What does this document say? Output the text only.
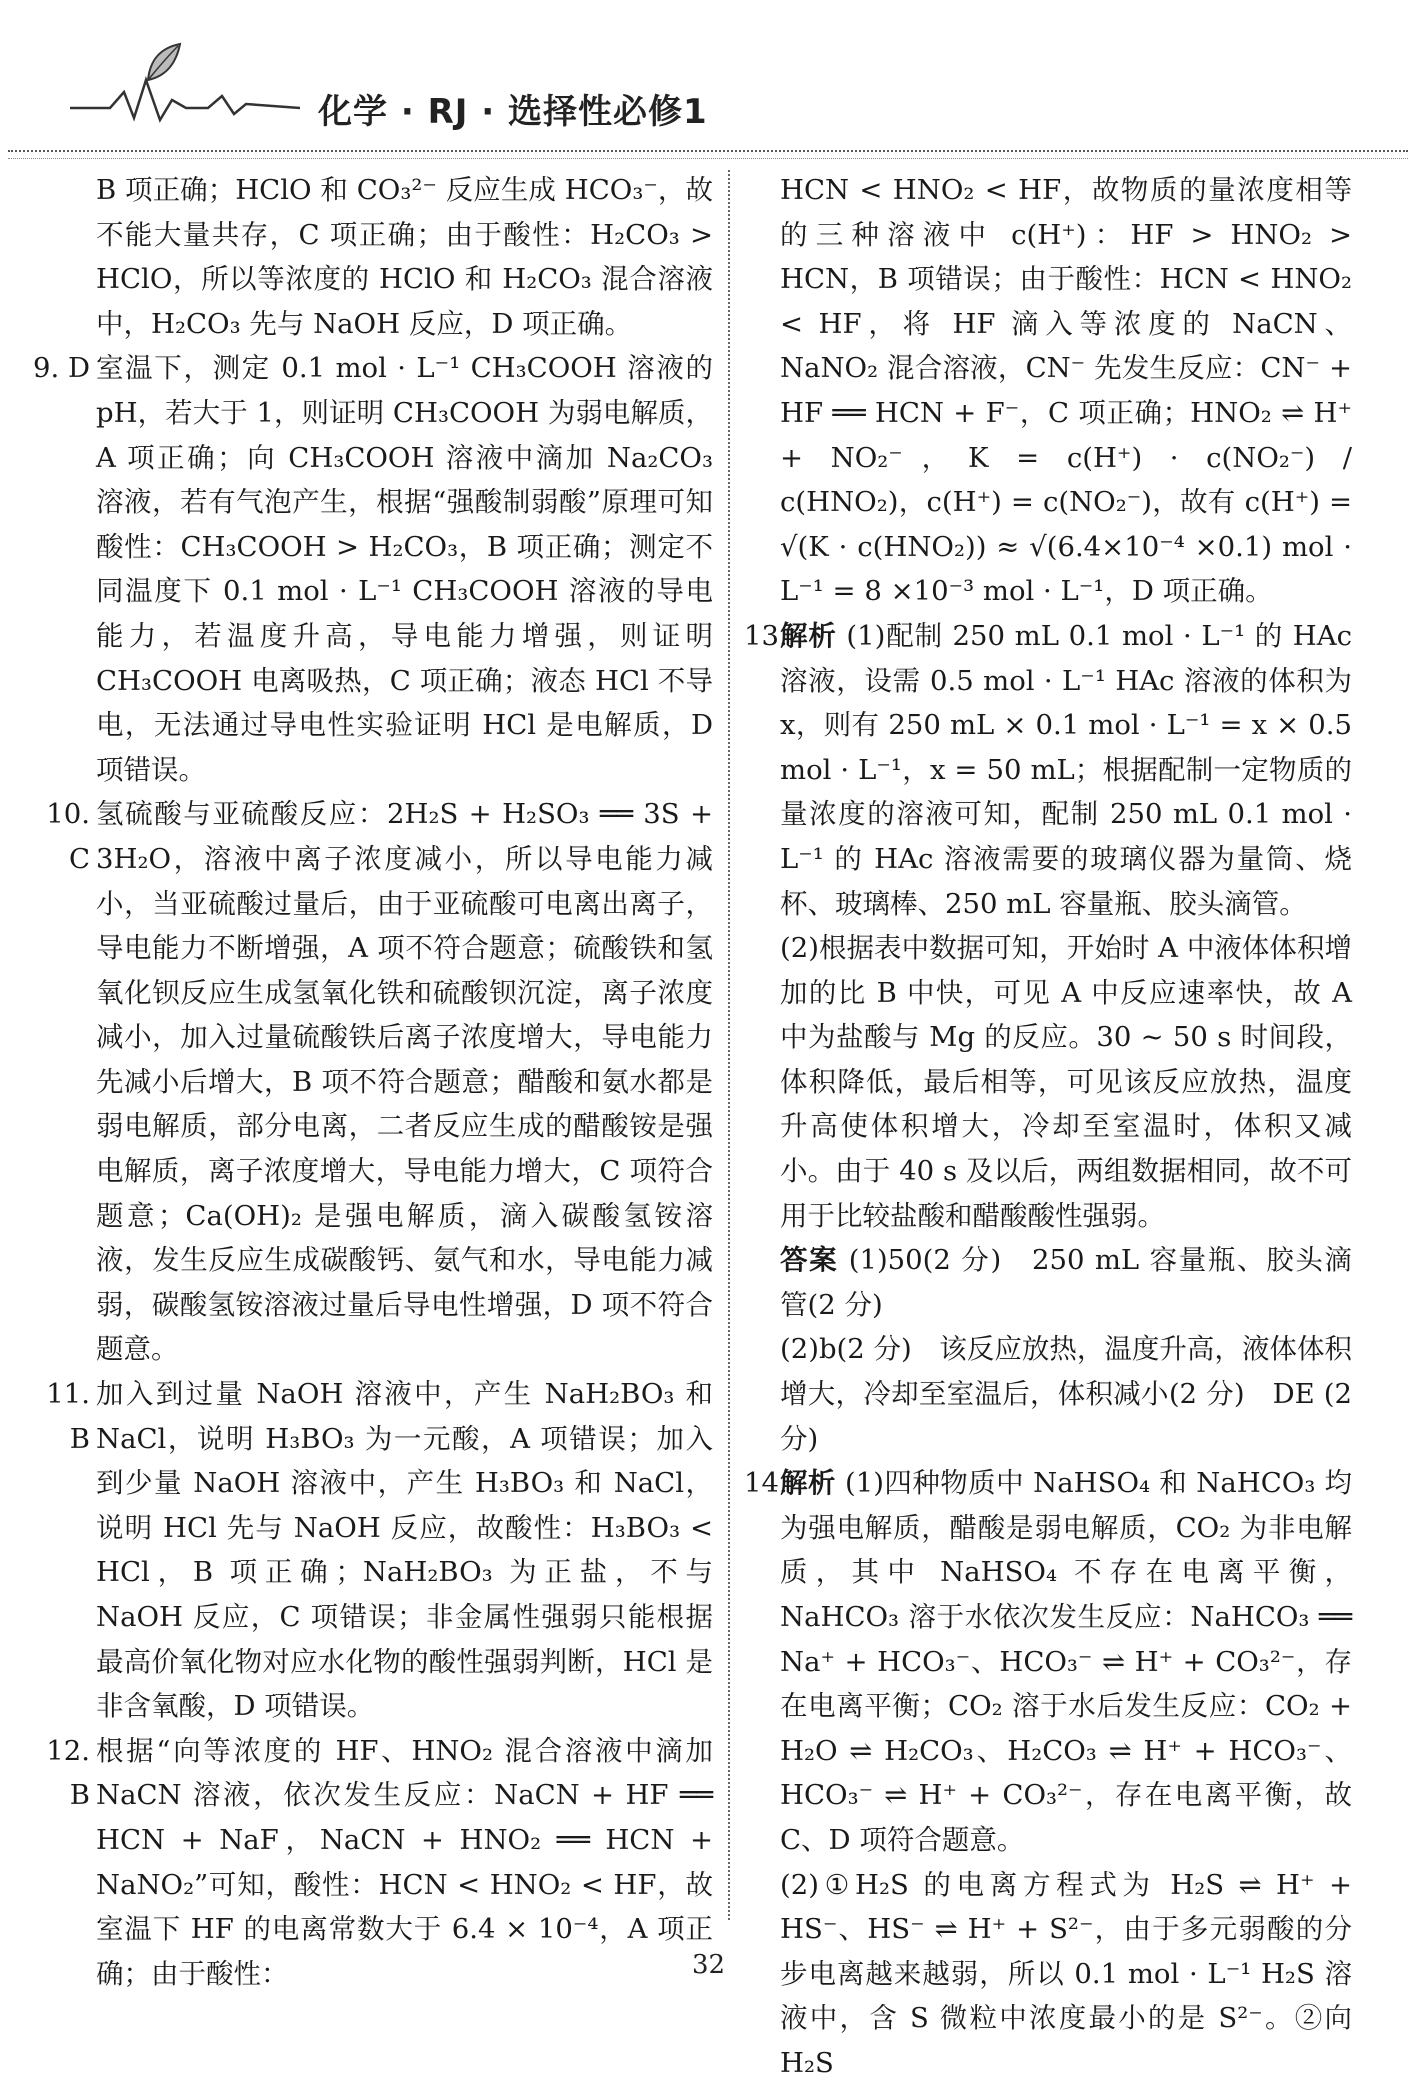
化学 · RJ · 选择性必修1

B 项正确；HClO 和 CO₃²⁻ 反应生成 HCO₃⁻，故不能大量共存，C 项正确；由于酸性：H₂CO₃ > HClO，所以等浓度的 HClO 和 H₂CO₃ 混合溶液中，H₂CO₃ 先与 NaOH 反应，D 项正确。

9. D 室温下，测定 0.1 mol · L⁻¹ CH₃COOH 溶液的 pH，若大于 1，则证明 CH₃COOH 为弱电解质，A 项正确；向 CH₃COOH 溶液中滴加 Na₂CO₃ 溶液，若有气泡产生，根据“强酸制弱酸”原理可知酸性：CH₃COOH > H₂CO₃，B 项正确；测定不同温度下 0.1 mol · L⁻¹ CH₃COOH 溶液的导电能力，若温度升高，导电能力增强，则证明 CH₃COOH 电离吸热，C 项正确；液态 HCl 不导电，无法通过导电性实验证明 HCl 是电解质，D 项错误。

10. C
氢硫酸与亚硫酸反应：2H₂S + H₂SO₃ ══ 3S + 3H₂O，溶液中离子浓度减小，所以导电能力减小，当亚硫酸过量后，由于亚硫酸可电离出离子，导电能力不断增强，A 项不符合题意；硫酸铁和氢氧化钡反应生成氢氧化铁和硫酸钡沉淀，离子浓度减小，加入过量硫酸铁后离子浓度增大，导电能力先减小后增大，B 项不符合题意；醋酸和氨水都是弱电解质，部分电离，二者反应生成的醋酸铵是强电解质，离子浓度增大，导电能力增大，C 项符合题意；Ca(OH)₂ 是强电解质，滴入碳酸氢铵溶液，发生反应生成碳酸钙、氨气和水，导电能力减弱，碳酸氢铵溶液过量后导电性增强，D 项不符合题意。

11. B
加入到过量 NaOH 溶液中，产生 NaH₂BO₃ 和 NaCl，说明 H₃BO₃ 为一元酸，A 项错误；加入到少量 NaOH 溶液中，产生 H₃BO₃ 和 NaCl，说明 HCl 先与 NaOH 反应，故酸性：H₃BO₃ < HCl，B 项正确；NaH₂BO₃ 为正盐，不与 NaOH 反应，C 项错误；非金属性强弱只能根据最高价氧化物对应水化物的酸性强弱判断，HCl 是非含氧酸，D 项错误。

12. B
根据“向等浓度的 HF、HNO₂ 混合溶液中滴加 NaCN 溶液，依次发生反应：NaCN + HF ══ HCN + NaF，NaCN + HNO₂ ══ HCN + NaNO₂”可知，酸性：HCN < HNO₂ < HF，故室温下 HF 的电离常数大于 6.4 × 10⁻⁴，A 项正确；由于酸性：

HCN < HNO₂ < HF，故物质的量浓度相等的三种溶液中 c(H⁺)：HF > HNO₂ > HCN，B 项错误；由于酸性：HCN < HNO₂ < HF，将 HF 滴入等浓度的 NaCN、NaNO₂ 混合溶液，CN⁻ 先发生反应：CN⁻ + HF ══ HCN + F⁻，C 项正确；HNO₂ ⇌ H⁺ + NO₂⁻，K = c(H⁺) · c(NO₂⁻) / c(HNO₂)，c(H⁺) = c(NO₂⁻)，故有 c(H⁺) = √(K · c(HNO₂)) ≈ √(6.4×10⁻⁴ ×0.1) mol · L⁻¹ = 8 ×10⁻³ mol · L⁻¹，D 项正确。

13.
解析 (1)配制 250 mL 0.1 mol · L⁻¹ 的 HAc 溶液，设需 0.5 mol · L⁻¹ HAc 溶液的体积为 x，则有 250 mL × 0.1 mol · L⁻¹ = x × 0.5 mol · L⁻¹，x = 50 mL；根据配制一定物质的量浓度的溶液可知，配制 250 mL 0.1 mol · L⁻¹ 的 HAc 溶液需要的玻璃仪器为量筒、烧杯、玻璃棒、250 mL 容量瓶、胶头滴管。

(2)根据表中数据可知，开始时 A 中液体体积增加的比 B 中快，可见 A 中反应速率快，故 A 中为盐酸与 Mg 的反应。30 ~ 50 s 时间段，体积降低，最后相等，可见该反应放热，温度升高使体积增大，冷却至室温时，体积又减小。由于 40 s 及以后，两组数据相同，故不可用于比较盐酸和醋酸酸性强弱。

答案 (1)50(2 分)　250 mL 容量瓶、胶头滴管(2 分)

(2)b(2 分)　该反应放热，温度升高，液体体积增大，冷却至室温后，体积减小(2 分)　DE (2 分)

14.
解析 (1)四种物质中 NaHSO₄ 和 NaHCO₃ 均为强电解质，醋酸是弱电解质，CO₂ 为非电解质，其中 NaHSO₄ 不存在电离平衡，NaHCO₃ 溶于水依次发生反应：NaHCO₃ ══ Na⁺ + HCO₃⁻、HCO₃⁻ ⇌ H⁺ + CO₃²⁻，存在电离平衡；CO₂ 溶于水后发生反应：CO₂ + H₂O ⇌ H₂CO₃、H₂CO₃ ⇌ H⁺ + HCO₃⁻、HCO₃⁻ ⇌ H⁺ + CO₃²⁻，存在电离平衡，故 C、D 项符合题意。

(2)①H₂S 的电离方程式为 H₂S ⇌ H⁺ + HS⁻、HS⁻ ⇌ H⁺ + S²⁻，由于多元弱酸的分步电离越来越弱，所以 0.1 mol · L⁻¹ H₂S 溶液中，含 S 微粒中浓度最小的是 S²⁻。②向 H₂S

32
